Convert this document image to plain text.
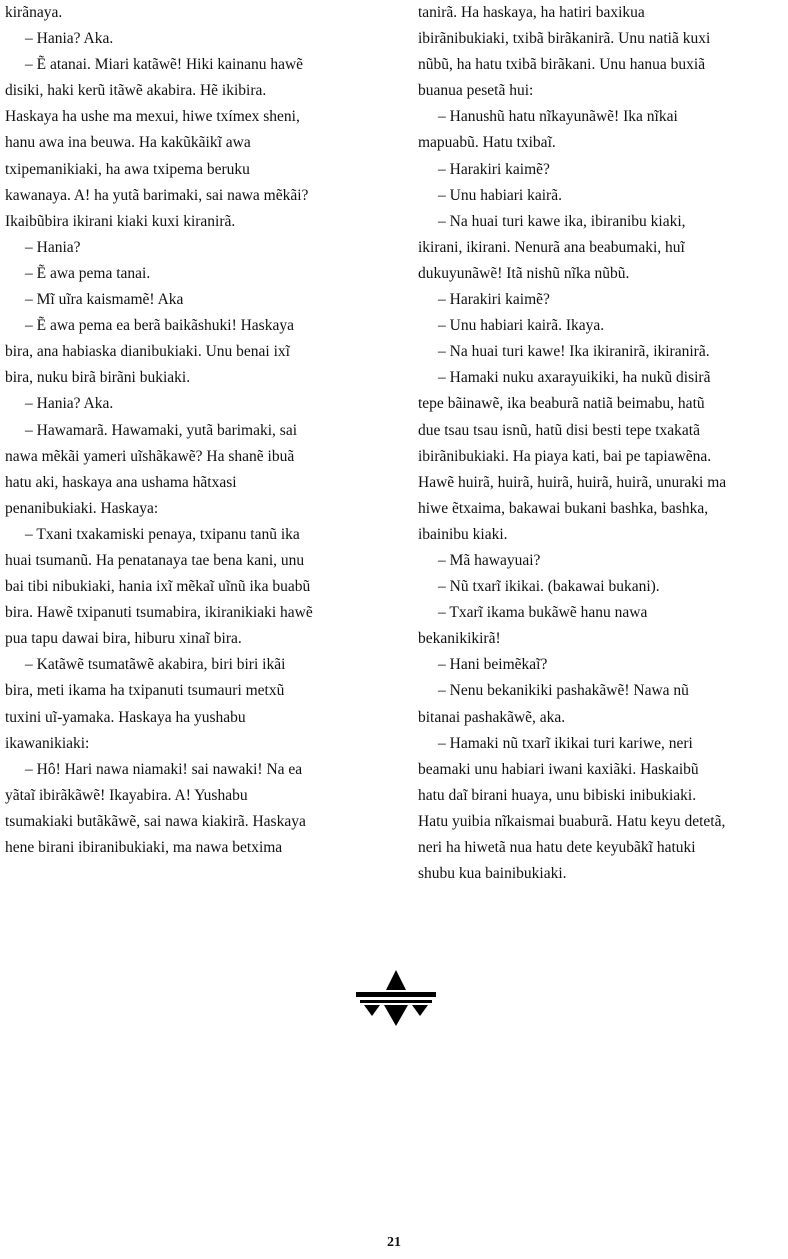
kirãnaya.

– Hania? Aka.

– Ẽ atanai. Miari katãwẽ! Hiki kainanu hawẽ

disiki, haki kerũ itãwẽ akabira. Hẽ ikibira.

Haskaya ha ushe ma mexui, hiwe txímex sheni,

hanu awa ina beuwa. Ha kakũkãikĩ awa

txipemanikiaki, ha awa txipema beruku

kawanaya. A! ha yutã barimaki, sai nawa mẽkãi?

Ikaibũbira ikirani kiaki kuxi kiranirã.

– Hania?

– Ẽ awa pema tanai.

– Mĩ uĩra kaismamẽ! Aka

– Ẽ awa pema ea berã baikãshuki! Haskaya

bira, ana habiaska dianibukiaki. Unu benai ixĩ

bira, nuku birã birãni bukiaki.

– Hania? Aka.

– Hawamarã. Hawamaki, yutã barimaki, sai

nawa mẽkãi yameri uĩshãkawẽ? Ha shanẽ ibuã

hatu aki, haskaya ana ushama hãtxasi

penanibukiaki. Haskaya:

– Txani txakamiski penaya, txipanu tanũ ika

huai tsumanũ. Ha penatanaya tae bena kani, unu

bai tibi nibukiaki, hania ixĩ mẽkaĩ uĩnũ ika buabũ

bira. Hawẽ txipanuti tsumabira, ikiranikiaki hawẽ

pua tapu dawai bira, hiburu xinaĩ bira.

– Katãwẽ tsumatãwẽ akabira, biri biri ikãi

bira, meti ikama ha txipanuti tsumauri metxũ

tuxini uĩ-yamaka. Haskaya ha yushabu

ikawanikiaki:

– Hô! Hari nawa niamaki! sai nawaki! Na ea

yãtaĩ ibirãkãwẽ! Ikayabira. A! Yushabu

tsumakiaki butãkãwẽ, sai nawa kiakirã. Haskaya

hene birani ibiranibukiaki, ma nawa betxima

tanirã. Ha haskaya, ha hatiri baxikua

ibirãnibukiaki, txibã birãkanirã. Unu natiã kuxi

nũbũ, ha hatu txibã birãkani. Unu hanua buxiã

buanua pesetã hui:

– Hanushũ hatu nĩkayunãwẽ! Ika nĩkai

mapuabũ. Hatu txibaĩ.

– Harakiri kaimẽ?

– Unu habiari kairã.

– Na huai turi kawe ika, ibiranibu kiaki,

ikirani, ikirani. Nenurã ana beabumaki, huĩ

dukuyunãwẽ! Itã nishũ nĩka nũbũ.

– Harakiri kaimẽ?

– Unu habiari kairã. Ikaya.

– Na huai turi kawe! Ika ikiranirã, ikiranirã.

– Hamaki nuku axarayuikiki, ha nukũ disirã

tepe bãinawẽ, ika beaburã natiã beimabu, hatũ

due tsau tsau isnũ, hatũ disi besti tepe txakatã

ibirãnibukiaki. Ha piaya kati, bai pe tapiawẽna.

Hawẽ huirã, huirã, huirã, huirã, huirã, unuraki ma

hiwe ẽtxaima, bakawai bukani bashka, bashka,

ibainibu kiaki.

– Mã hawayuai?

– Nũ txarĩ ikikai. (bakawai bukani).

– Txarĩ ikama bukãwẽ hanu nawa

bekanikikirã!

– Hani beimẽkaĩ?

– Nenu bekanikiki pashakãwẽ! Nawa nũ

bitanai pashakãwẽ, aka.

– Hamaki nũ txarĩ ikikai turi kariwe, neri

beamaki unu habiari iwani kaxiãki. Haskaibũ

hatu daĩ birani huaya, unu bibiski inibukiaki.

Hatu yuibia nĩkaismai buaburã. Hatu keyu detetã,

neri ha hiwetã nua hatu dete keyubãkĩ hatuki

shubu kua bainibukiaki.

21
